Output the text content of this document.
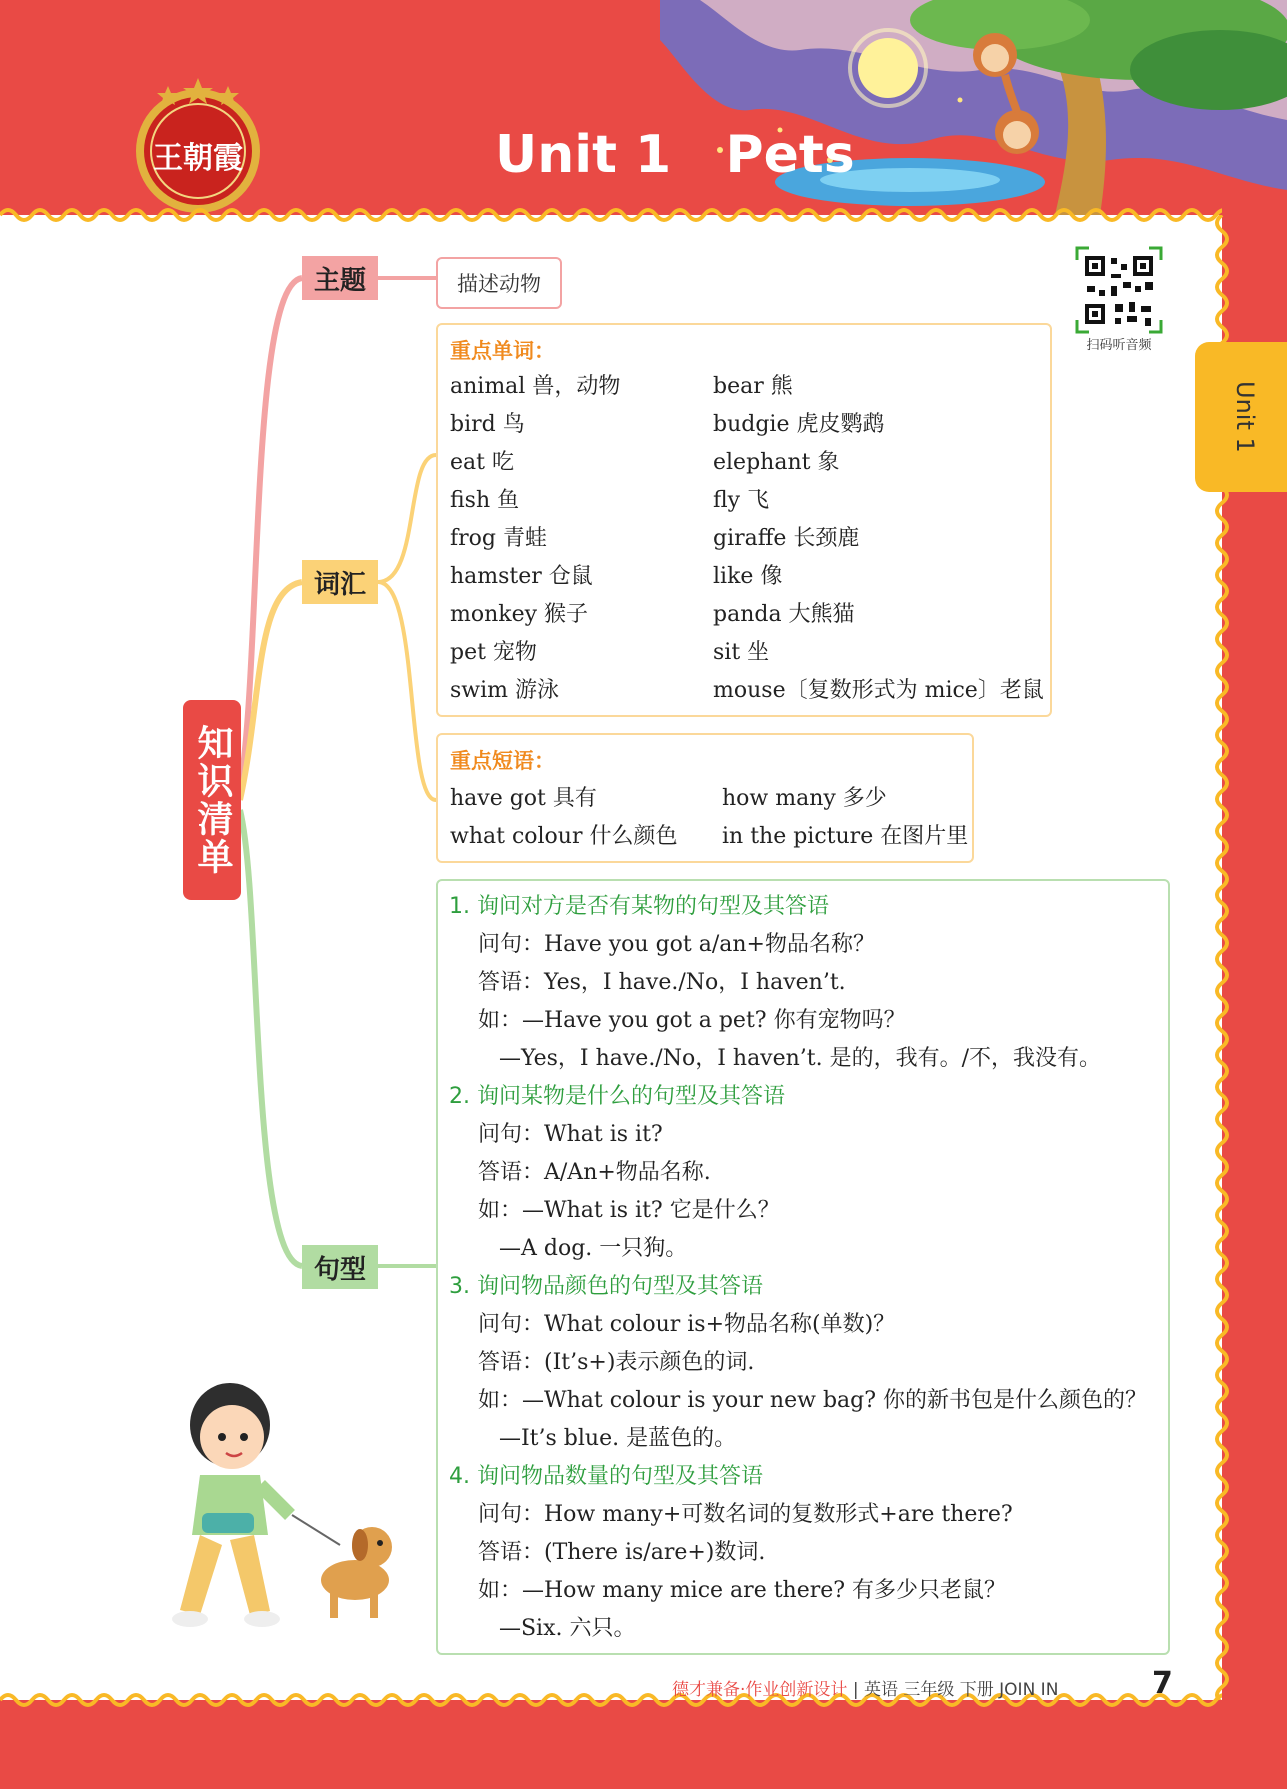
Unit 1   Pets
王朝霞
Unit 1
扫码听音频
知识清单
主题
词汇
句型
描述动物
重点单词：
animal 兽，动物
bird 鸟
eat 吃
fish 鱼
frog 青蛙
hamster 仓鼠
monkey 猴子
pet 宠物
swim 游泳
bear 熊
budgie 虎皮鹦鹉
elephant 象
fly 飞
giraffe 长颈鹿
like 像
panda 大熊猫
sit 坐
mouse〔复数形式为 mice〕老鼠
重点短语：
have got 具有	how many 多少
what colour 什么颜色 in the picture 在图片里
1. 询问对方是否有某物的句型及其答语
问句：Have you got a/an+物品名称？
答语：Yes，I have./No，I haven’t.
如：—Have you got a pet? 你有宠物吗？
—Yes，I have./No，I haven’t. 是的，我有。/不，我没有。
2. 询问某物是什么的句型及其答语
问句：What is it?
答语：A/An+物品名称.
如：—What is it? 它是什么？
—A dog. 一只狗。
3. 询问物品颜色的句型及其答语
问句：What colour is+物品名称(单数)？
答语：(It’s+)表示颜色的词.
如：—What colour is your new bag? 你的新书包是什么颜色的？
—It’s blue. 是蓝色的。
4. 询问物品数量的句型及其答语
问句：How many+可数名词的复数形式+are there?
答语：(There is/are+)数词.
如：—How many mice are there? 有多少只老鼠？
—Six. 六只。
德才兼备·作业创新设计 | 英语 三年级 下册 JOIN IN	7
